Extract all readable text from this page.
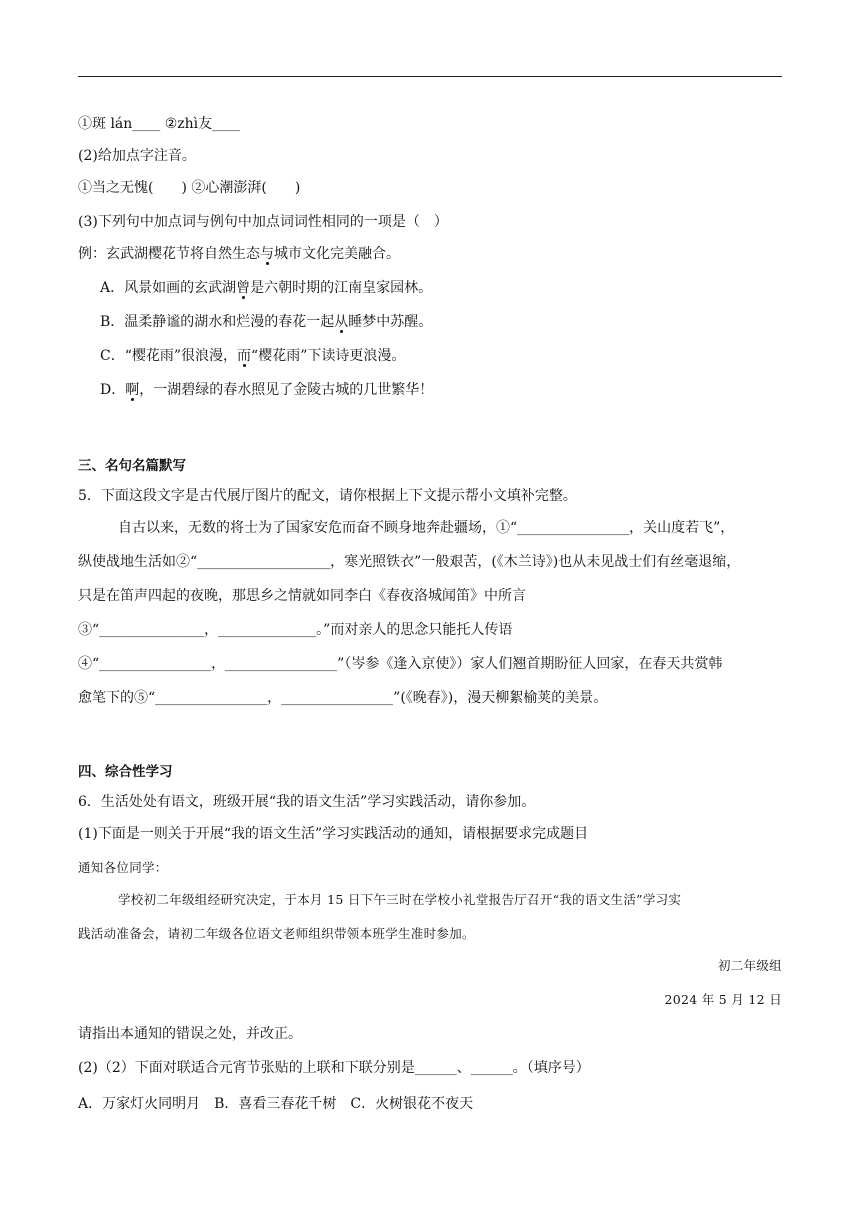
①斑 lán____ ②zhì友____
(2)给加点字注音。
①当之无愧(　　) ②心潮澎湃(　　)
(3)下列句中加点词与例句中加点词词性相同的一项是（　）
例：玄武湖樱花节将自然生态与城市文化完美融合。
A．风景如画的玄武湖曾是六朝时期的江南皇家园林。
B．温柔静谧的湖水和烂漫的春花一起从睡梦中苏醒。
C．“樱花雨”很浪漫，而“樱花雨”下读诗更浪漫。
D．啊，一湖碧绿的春水照见了金陵古城的几世繁华！
三、名句名篇默写
5．下面这段文字是古代展厅图片的配文，请你根据上下文提示帮小文填补完整。
自古以来，无数的将士为了国家安危而奋不顾身地奔赴疆场，①“________________，关山度若飞”，
纵使战地生活如②“___________________，寒光照铁衣”一般艰苦，(《木兰诗》)也从未见战士们有丝毫退缩，
只是在笛声四起的夜晚，那思乡之情就如同李白《春夜洛城闻笛》中所言
③“_______________，______________。”而对亲人的思念只能托人传语
④“________________，________________”（岑参《逢入京使》）家人们翘首期盼征人回家，在春天共赏韩
愈笔下的⑤“________________，________________”(《晚春》)，漫天柳絮榆荚的美景。
四、综合性学习
6．生活处处有语文，班级开展“我的语文生活”学习实践活动，请你参加。
(1)下面是一则关于开展“我的语文生活”学习实践活动的通知，请根据要求完成题目
通知各位同学：
学校初二年级组经研究决定，于本月 15 日下午三时在学校小礼堂报告厅召开“我的语文生活”学习实
践活动准备会，请初二年级各位语文老师组织带领本班学生准时参加。
初二年级组
2024 年 5 月 12 日
请指出本通知的错误之处，并改正。
(2)（2）下面对联适合元宵节张贴的上联和下联分别是______、______。（填序号）
A．万家灯火同明月　B．喜看三春花千树　C．火树银花不夜天
